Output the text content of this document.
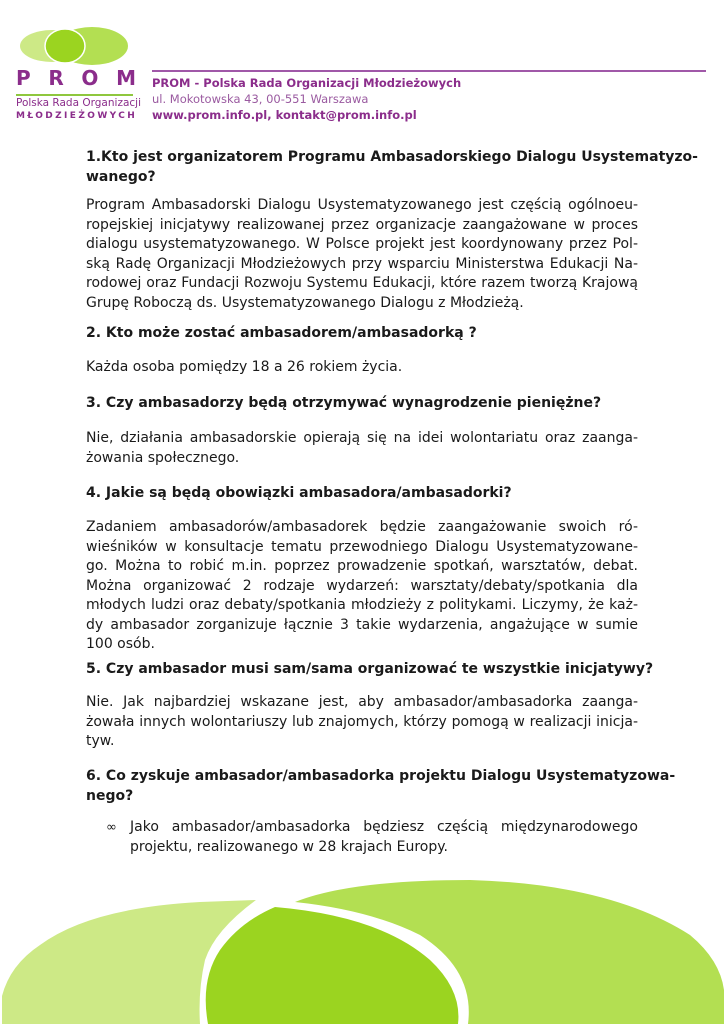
P R O M
Polska Rada Organizacji
MŁODZIEŻOWYCH
PROM - Polska Rada Organizacji Młodzieżowych
ul. Mokotowska 43, 00-551 Warszawa
www.prom.info.pl, kontakt@prom.info.pl
1.Kto jest organizatorem Programu Ambasadorskiego Dialogu Usystematyzo-
wanego?
Program Ambasadorski Dialogu Usystematyzowanego jest częścią ogólnoeu-
ropejskiej inicjatywy realizowanej przez organizacje zaangażowane w proces
dialogu usystematyzowanego. W Polsce projekt jest koordynowany przez Pol-
ską Radę Organizacji Młodzieżowych przy wsparciu Ministerstwa Edukacji Na-
rodowej oraz Fundacji Rozwoju Systemu Edukacji, które razem tworzą Krajową
Grupę Roboczą ds. Usystematyzowanego Dialogu z Młodzieżą.
2. Kto może zostać ambasadorem/ambasadorką ?
Każda osoba pomiędzy 18 a 26 rokiem życia.
3. Czy ambasadorzy będą otrzymywać wynagrodzenie pieniężne?
Nie, działania ambasadorskie opierają się na idei wolontariatu oraz zaanga-
żowania społecznego.
4. Jakie są będą obowiązki ambasadora/ambasadorki?
Zadaniem ambasadorów/ambasadorek będzie zaangażowanie swoich ró-
wieśników w konsultacje tematu przewodniego Dialogu Usystematyzowane-
go. Można to robić m.in. poprzez prowadzenie spotkań, warsztatów, debat.
Można organizować 2 rodzaje wydarzeń: warsztaty/debaty/spotkania dla
młodych ludzi oraz debaty/spotkania młodzieży z politykami. Liczymy, że każ-
dy ambasador zorganizuje łącznie 3 takie wydarzenia, angażujące w sumie
100 osób.
5. Czy ambasador musi sam/sama organizować te wszystkie inicjatywy?
Nie. Jak najbardziej wskazane jest, aby ambasador/ambasadorka zaanga-
żowała innych wolontariuszy lub znajomych, którzy pomogą w realizacji inicja-
tyw.
6. Co zyskuje ambasador/ambasadorka projektu Dialogu Usystematyzowa-
nego?
∞ Jako ambasador/ambasadorka będziesz częścią międzynarodowego
projektu, realizowanego w 28 krajach Europy.
